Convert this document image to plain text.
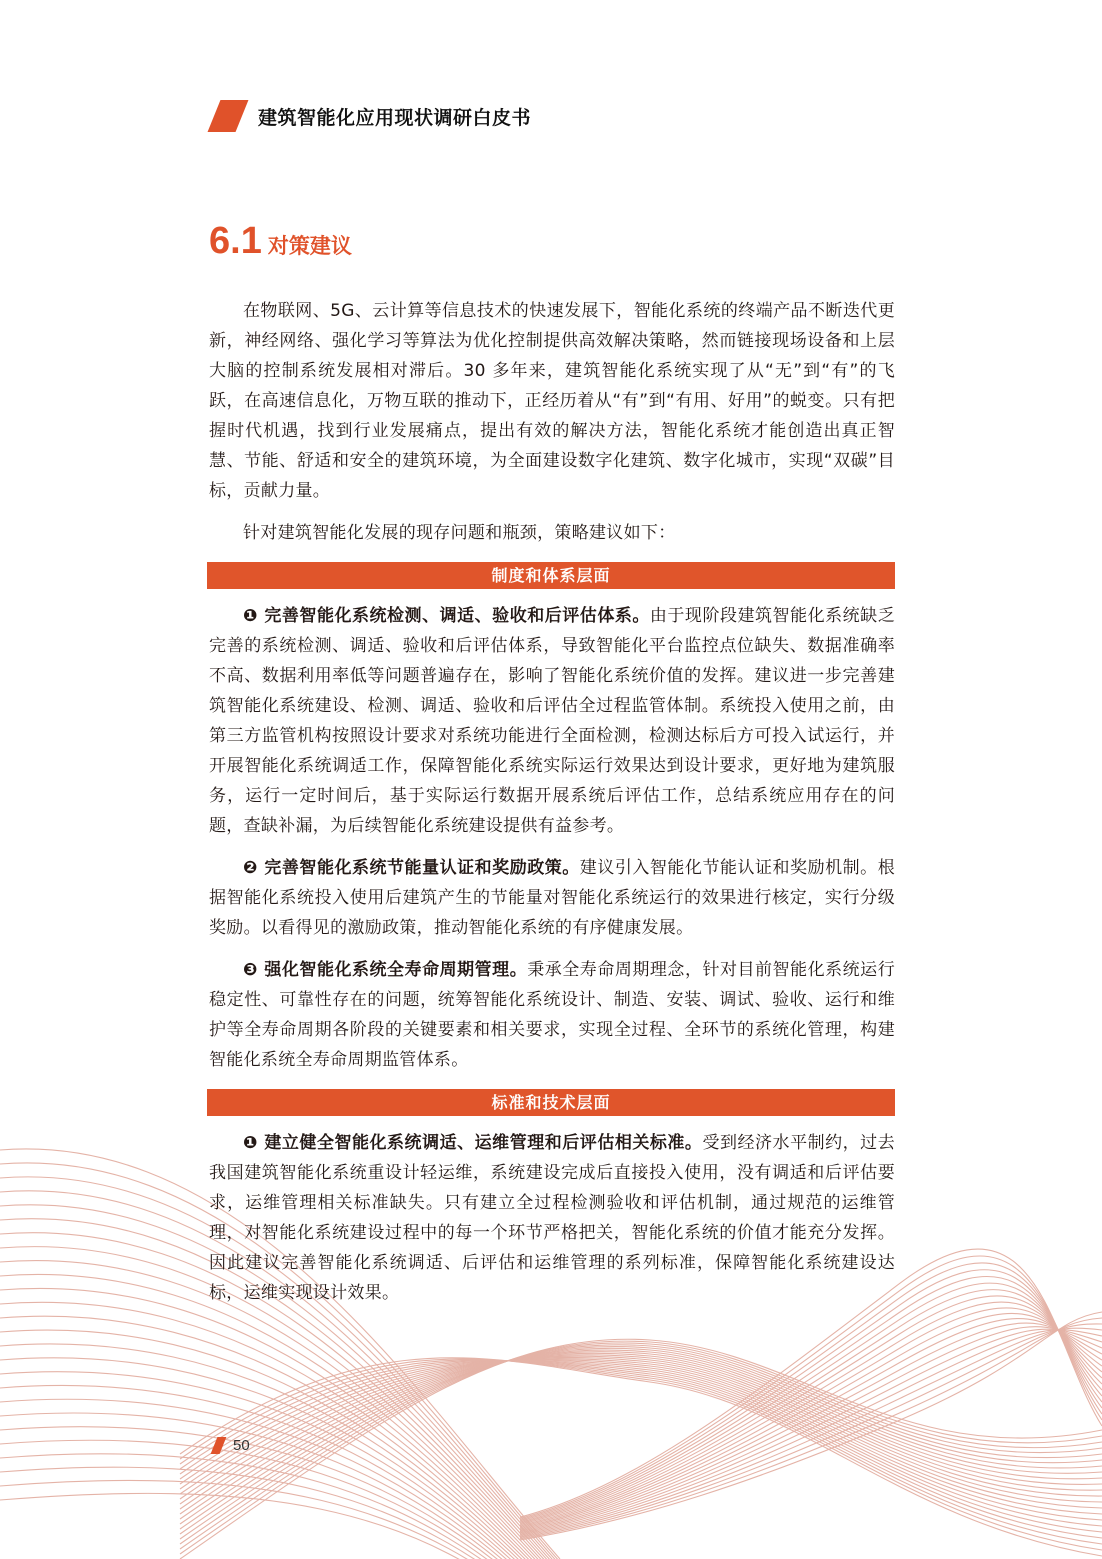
建筑智能化应用现状调研白皮书
6.1 对策建议

在物联网、5G、云计算等信息技术的快速发展下，智能化系统的终端产品不断迭代更新，神经网络、强化学习等算法为优化控制提供高效解决策略，然而链接现场设备和上层大脑的控制系统发展相对滞后。30 多年来，建筑智能化系统实现了从“无”到“有”的飞跃，在高速信息化，万物互联的推动下，正经历着从“有”到“有用、好用”的蜕变。只有把握时代机遇，找到行业发展痛点，提出有效的解决方法，智能化系统才能创造出真正智慧、节能、舒适和安全的建筑环境，为全面建设数字化建筑、数字化城市，实现“双碳”目标，贡献力量。

针对建筑智能化发展的现存问题和瓶颈，策略建议如下：

制度和体系层面

❶ 完善智能化系统检测、调适、验收和后评估体系。由于现阶段建筑智能化系统缺乏完善的系统检测、调适、验收和后评估体系，导致智能化平台监控点位缺失、数据准确率不高、数据利用率低等问题普遍存在，影响了智能化系统价值的发挥。建议进一步完善建筑智能化系统建设、检测、调适、验收和后评估全过程监管体制。系统投入使用之前，由第三方监管机构按照设计要求对系统功能进行全面检测，检测达标后方可投入试运行，并开展智能化系统调适工作，保障智能化系统实际运行效果达到设计要求，更好地为建筑服务，运行一定时间后，基于实际运行数据开展系统后评估工作，总结系统应用存在的问题，查缺补漏，为后续智能化系统建设提供有益参考。

❷ 完善智能化系统节能量认证和奖励政策。建议引入智能化节能认证和奖励机制。根据智能化系统投入使用后建筑产生的节能量对智能化系统运行的效果进行核定，实行分级奖励。以看得见的激励政策，推动智能化系统的有序健康发展。

❸ 强化智能化系统全寿命周期管理。秉承全寿命周期理念，针对目前智能化系统运行稳定性、可靠性存在的问题，统筹智能化系统设计、制造、安装、调试、验收、运行和维护等全寿命周期各阶段的关键要素和相关要求，实现全过程、全环节的系统化管理，构建智能化系统全寿命周期监管体系。

标准和技术层面

❶ 建立健全智能化系统调适、运维管理和后评估相关标准。受到经济水平制约，过去我国建筑智能化系统重设计轻运维，系统建设完成后直接投入使用，没有调适和后评估要求，运维管理相关标准缺失。只有建立全过程检测验收和评估机制，通过规范的运维管理，对智能化系统建设过程中的每一个环节严格把关，智能化系统的价值才能充分发挥。因此建议完善智能化系统调适、后评估和运维管理的系列标准，保障智能化系统建设达标，运维实现设计效果。

50
